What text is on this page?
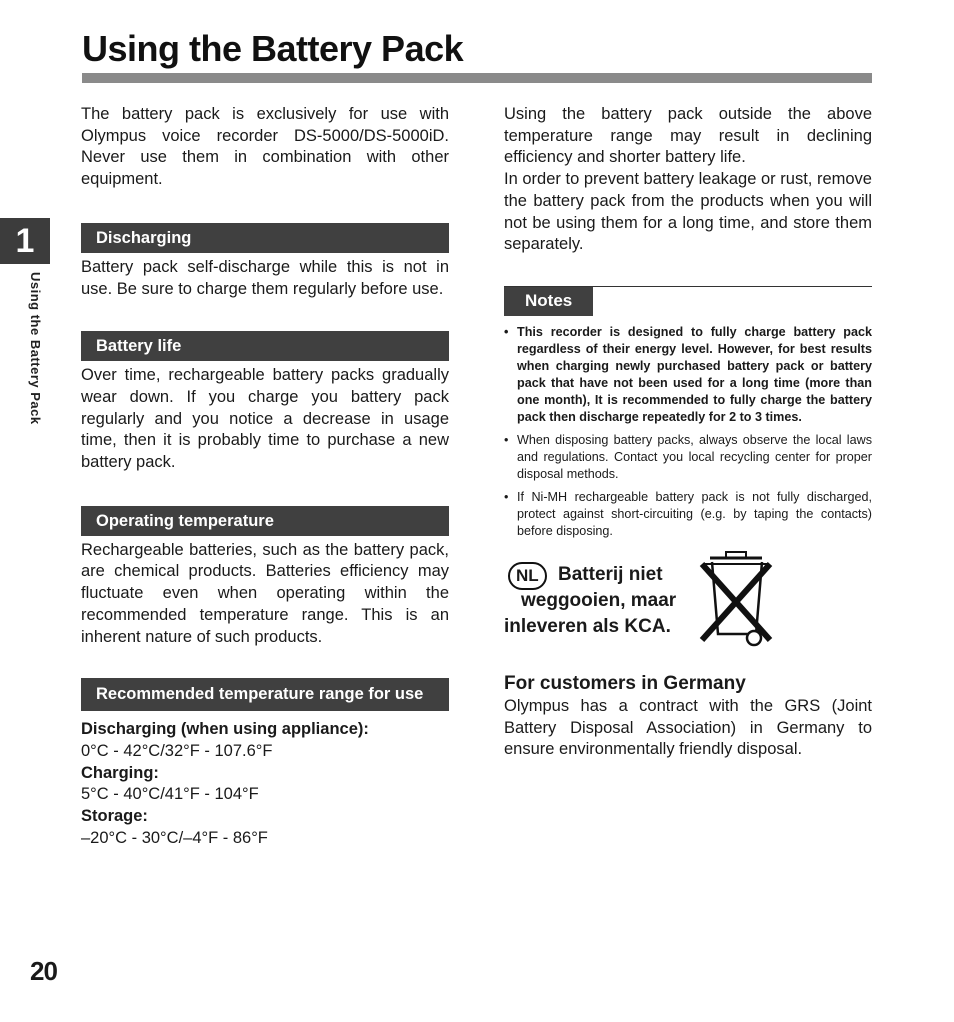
Using the Battery Pack
1
Using the Battery Pack

The battery pack is exclusively for use with Olympus voice recorder DS-5000/DS-5000iD. Never use them in combination with other equipment.

Discharging

Battery pack self-discharge while this is not in use. Be sure to charge them regularly before use.

Battery life

Over time, rechargeable battery packs gradually wear down. If you charge you battery pack regularly and you notice a decrease in usage time, then it is probably time to purchase a new battery pack.

Operating temperature

Rechargeable batteries, such as the battery pack, are chemical products. Batteries efficiency may fluctuate even when operating within the recommended temperature range. This is an inherent nature of such products.

Recommended temperature range for use
Discharging (when using appliance):
0°C - 42°C/32°F - 107.6°F
Charging:
5°C - 40°C/41°F - 104°F
Storage:
–20°C - 30°C/–4°F - 86°F

Using the battery pack outside the above temperature range may result in declining efficiency and shorter battery life.

In order to prevent battery leakage or rust, remove the battery pack from the products when you will not be using them for a long time, and store them separately.

Notes
• This recorder is designed to fully charge battery pack regardless of their energy level. However, for best results when charging newly purchased battery pack or battery pack that have not been used for a long time (more than one month), It is recommended to fully charge the battery pack then discharge repeatedly for 2 to 3 times.
• When disposing battery packs, always observe the local laws and regulations. Contact you local recycling center for proper disposal methods.
• If Ni-MH rechargeable battery pack is not fully discharged, protect against short-circuiting (e.g. by taping the contacts) before disposing.
NL	Batterij niet
weggooien, maar
inleveren als KCA.
For customers in Germany

Olympus has a contract with the GRS (Joint Battery Disposal Association) in Germany to ensure environmentally friendly disposal.

20
